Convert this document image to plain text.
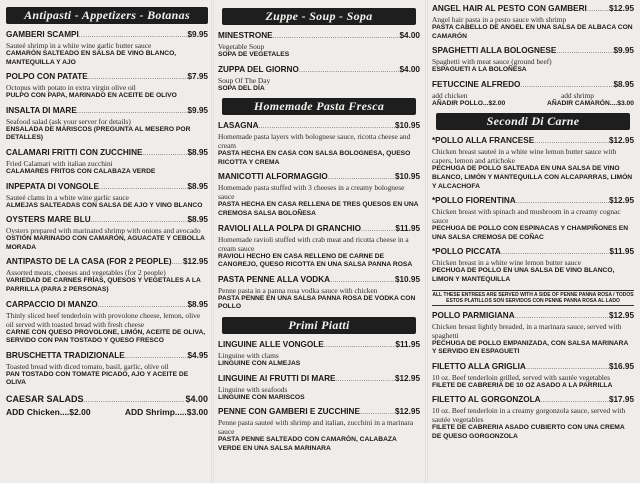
Antipasti - Appetizers - Botanas
GAMBERI SCAMPI .....	$9.95
Sauteé shrimp in a white wine garlic butter sauce
CAMARÓN SALTEADO EN SALSA DE VINO BLANCO, MANTEQUILLA Y AJO
POLPO CON PATATE .....	$7.95
Octopus with potato in extra virgin olive oil
PULPO CON PAPA, MARINADO EN ACEITE DE OLIVO
INSALTA DI MARE .....	$9.95
Seafood salad (ask your server for details)
ENSALADA DE MARISCOS (PREGUNTA AL MESERO POR DETALLES)
CALAMARI FRITTI CON ZUCCHINE .....	$8.95
Fried Calamari with italian zucchini
CALAMARES FRITOS CON CALABAZA VERDE
INPEPATA DI VONGOLE .....	$8.95
Sauteé clams in a white wine garlic sauce
ALMEJAS SALTEADAS CON SALSA DE AJO Y VINO BLANCO
OYSTERS MARE BLU .....	$8.95
Oysters prepared with marinated shrimp with onions and avocado
OSTIÓN MARINADO CON CAMARÓN, AGUACATE Y CEBOLLA MORADA
ANTIPASTO DE LA CASA (FOR 2 PEOPLE) ..... $12.95
Assorted meats, cheeses and vegetables (for 2 people)
VARIEDAD DE CARNES FRÍAS, QUESOS Y VEGETALES A LA PARRILLA (PARA 2 PERSONAS)
CARPACCIO DI MANZO .....	$8.95
Thinly sliced beef tenderloin with provolone cheese, lemon, olive oil served with toasted bread with fresh cheese
CARNE CON QUESO PROVOLONE, LIMÓN, ACEITE DE OLIVA, SERVIDO CON PAN TOSTADO Y QUESO FRESCO
BRUSCHETTA TRADIZIONALE .....	$4.95
Toasted bread with diced tomato, basil, garlic, olive oil
PAN TOSTADO CON TOMATE PICADO, AJO Y ACEITE DE OLIVA
CAESAR SALADS .....	$4.00
ADD Chicken....$2.00	ADD Shrimp.....$3.00
Zuppe - Soup - Sopa
MINESTRONE .....	$4.00
Vegetable Soup
SOPA DE VEGETALES
ZUPPA DEL GIORNO .....	$4.00
Soup Of The Day
SOPA DEL DÍA
Homemade Pasta Fresca
LASAGNA .....	$10.95
Homemade pasta layers with bolognese sauce, ricotta cheese and cream
PASTA HECHA EN CASA CON SALSA BOLOGNESA, QUESO RICOTTA Y CREMA
MANICOTTI ALFORMAGGIO .....	$10.95
Homemade pasta stuffed with 3 cheeses in a creamy bolognese sauce
PASTA HECHA EN CASA RELLENA DE TRES QUESOS EN UNA CREMOSA SALSA BOLOÑESA
RAVIOLI ALLA POLPA DI GRANCHIO .....	$11.95
Homemade ravioli stuffed with crab meat and ricotta cheese in a cream sauce
RAVIOLI HECHO EN CASA RELLENO DE CARNE DE CANGREJO, QUESO RICOTTA EN UNA SALSA PANNA ROSA
PASTA PENNE ALLA VODKA .....	$10.95
Penne pasta in a panna rosa vodka sauce with chicken
PASTA PENNE EN UNA SALSA PANNA ROSA DE VODKA CON POLLO
Primi Piatti
LINGUINE ALLE VONGOLE .....	$11.95
Linguine with clams
LINGUINE CON ALMEJAS
LINGUINE AI FRUTTI DI MARE .....	$12.95
Linguine with seafoods
LINGUINE CON MARISCOS
PENNE CON GAMBERI E ZUCCHINE .....	$12.95
Penne pasta sauteé with shrimp and italian, zucchini in a marinara sauce
PASTA PENNE SALTEADO CON CAMARÓN, CALABAZA VERDE EN UNA SALSA MARINARA
ANGEL HAIR AL PESTO CON GAMBERI .....	$12.95
Angel hair pasta in a pesto sauce with shrimp
PASTA CABELLO DE ANGEL EN UNA SALSA DE ALBACA CON CAMARÓN
SPAGHETTI ALLA BOLOGNESE .....	$9.95
Spaghetti with meat sauce (ground beef)
ESPAGUETI A LA BOLOÑESA
FETUCCINE ALFREDO .....	$8.95
add chicken	add shrimp
AÑADIR POLLO...$2.00	AÑADIR CAMARÓN....$3.00
Secondi Di Carne
*POLLO ALLA FRANCESE .....	$12.95
Chicken breast sauteé in a white wine lemon butter sauce with capers, lemon and artichoke
PECHUGA DE POLLO SALTEADA EN UNA SALSA DE VINO BLANCO, LIMÓN Y MANTEQUILLA CON ALCAPARRAS, LIMÓN Y ALCACHOFA
*POLLO FIORENTINA .....	$12.95
Chicken breast with spinach and mushroom in a creamy cognac sauce
PECHUGA DE POLLO CON ESPINACAS Y CHAMPIÑONES EN UNA SALSA CREMOSA DE COÑAC
*POLLO PICCATA .....	$11.95
Chicken breast in a white wine lemon butter sauce
PECHUGA DE POLLO EN UNA SALSA DE VINO BLANCO, LIMON Y MANTEQUILLA
ALL THESE ENTREES ARE SERVED WITH A SIDE OF PENNE PANNA ROSA / TODOS ESTOS PLATILLOS SON SERVIDOS CON PENNE PANNA ROSA AL LADO
POLLO PARMIGIANA .....	$12.95
Chicken breast lightly breaded, in a marinara sauce, served with spaghetti
PECHUGA DE POLLO EMPANIZADA, CON SALSA MARINARA Y SERVIDO EN ESPAGUETI
FILETTO ALLA GRIGLIA .....	$16.95
10 oz. Beef tenderloin grilled, served with sautée vegetables
FILETE DE CABRERIA DE 10 OZ ASADO A LA PARRILLA
FILETTO AL GORGONZOLA .....	$17.95
10 oz. Beef tenderloin in a creamy gorgonzola sauce, served with sautée vegetables
FILETE DE CABRERIA ASADO CUBIERTO CON UNA CREMA DE QUESO GORGONZOLA
